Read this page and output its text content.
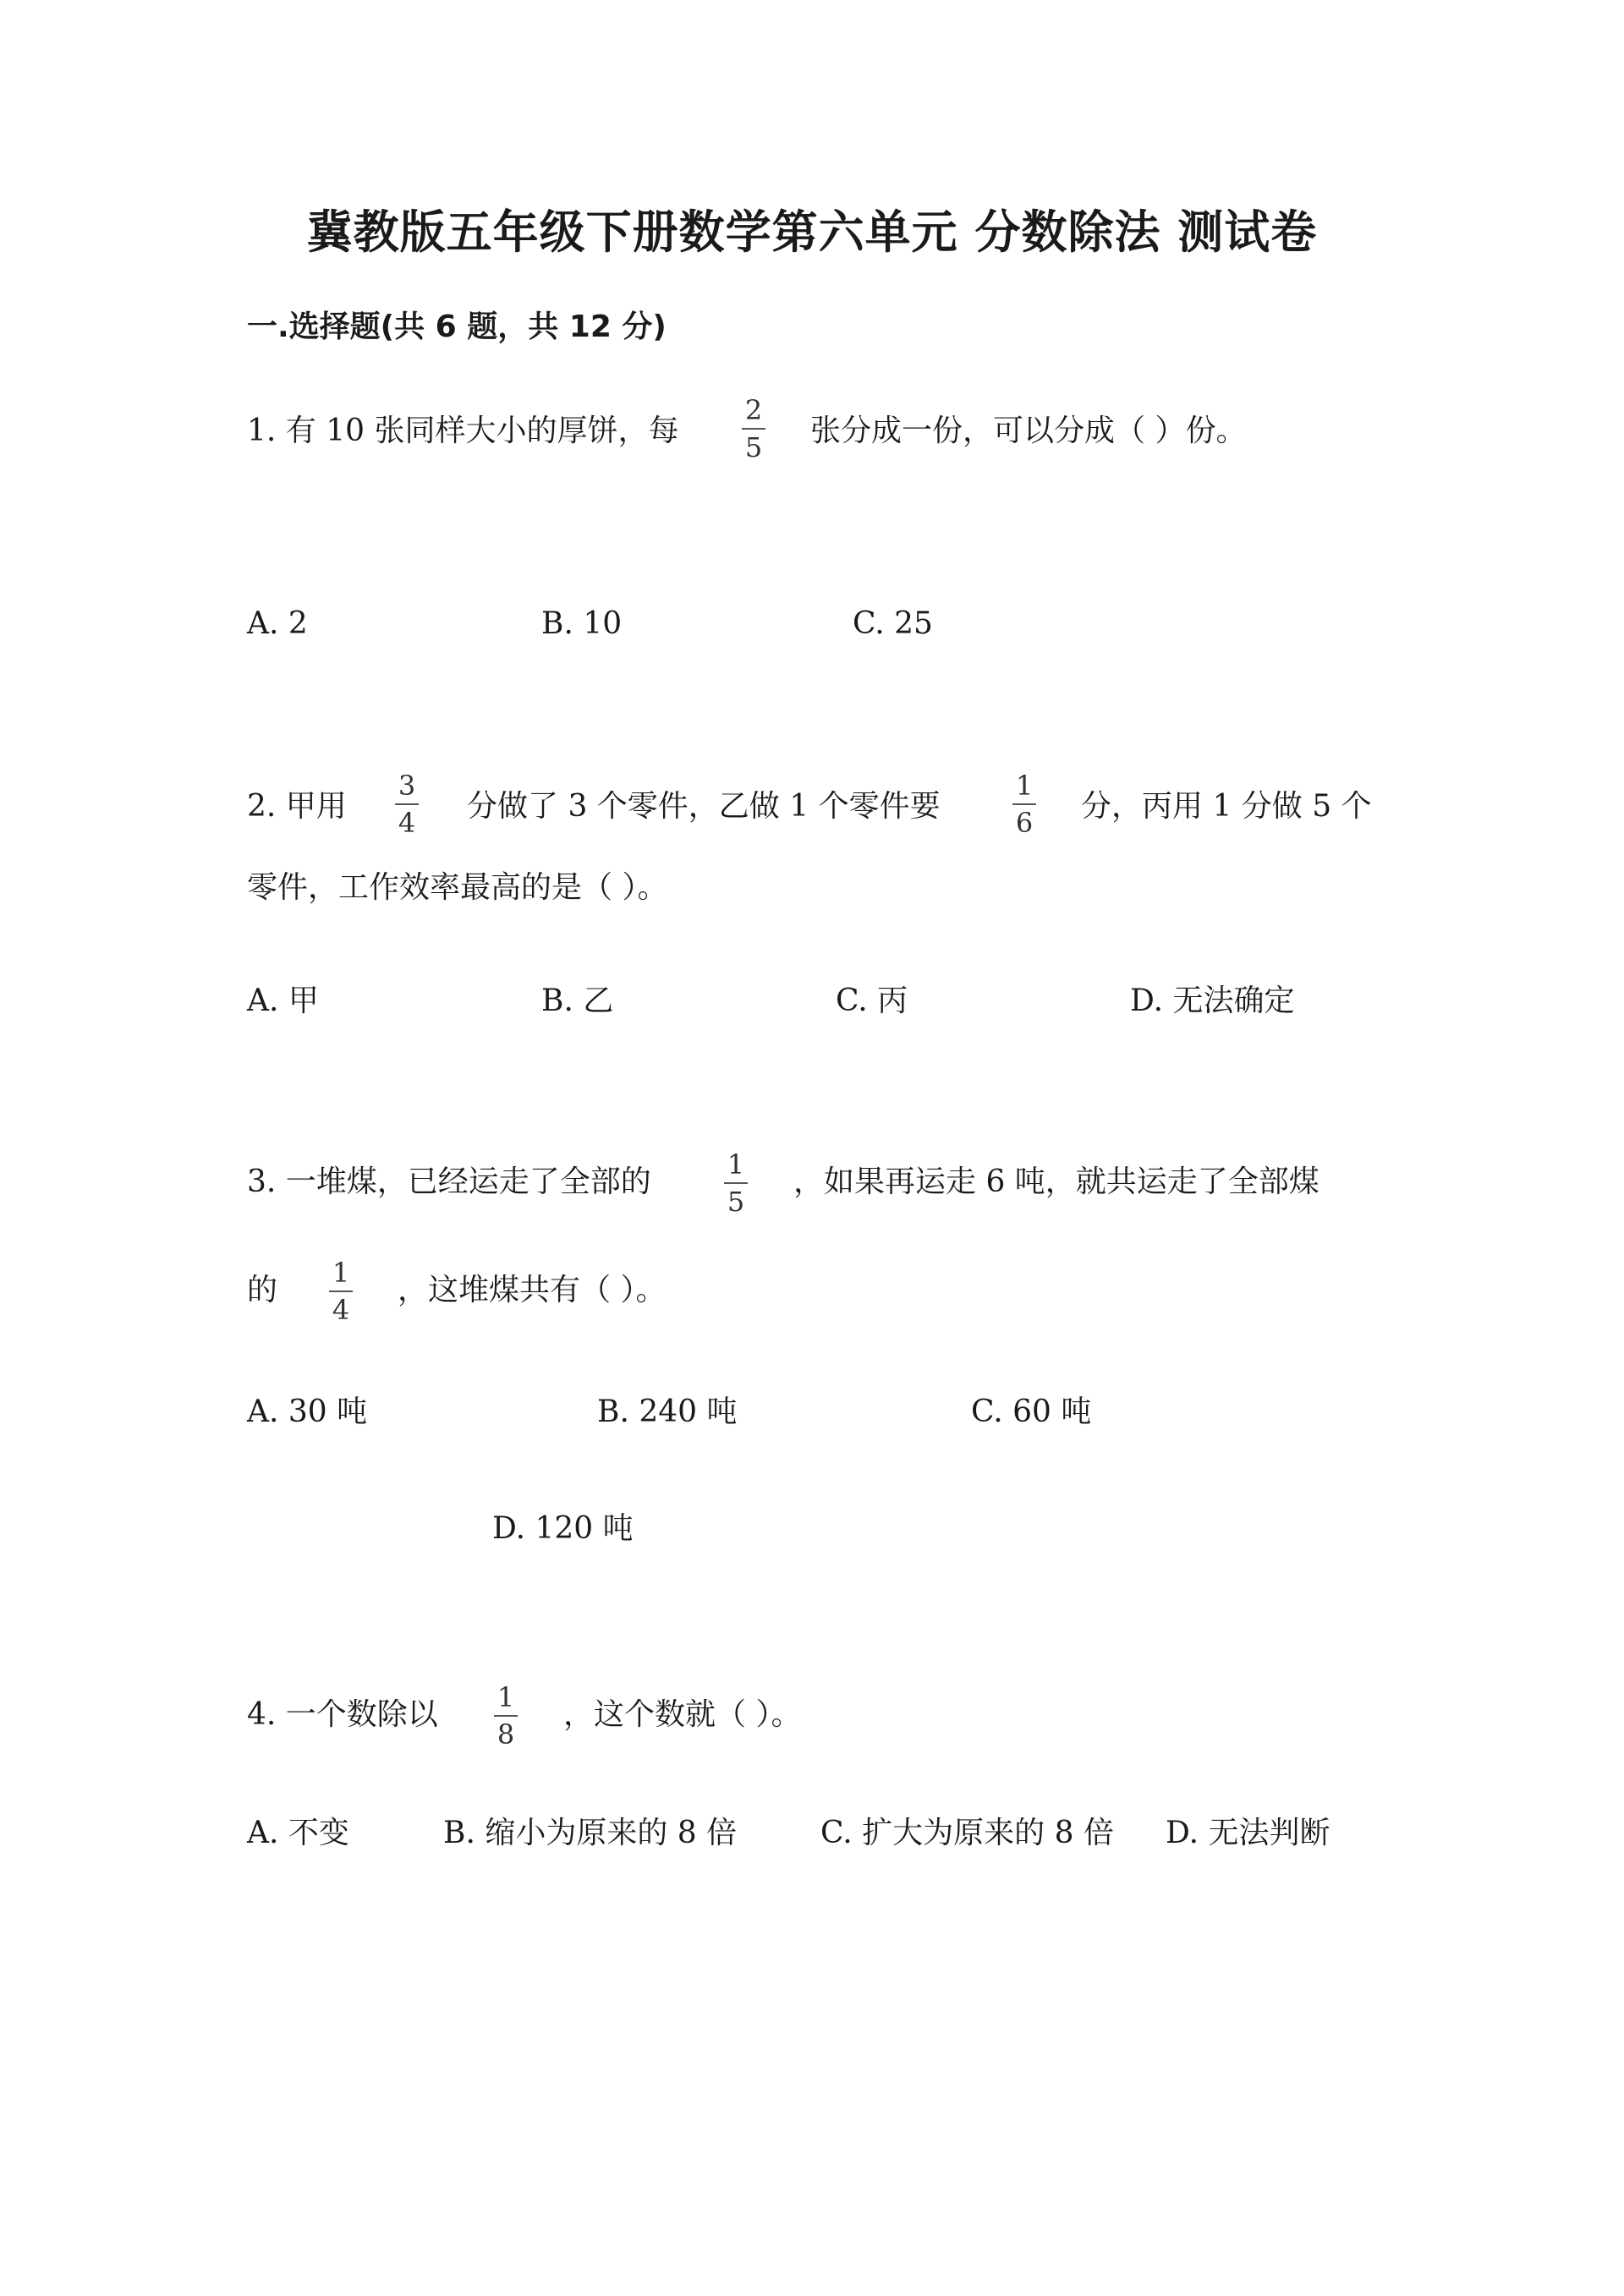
冀教版五年级下册数学第六单元 分数除法 测试卷
一.选择题(共 6 题，共 12 分)
1. 有 10 张同样大小的厚饼，每
2
5 张分成一份，可以分成（ ）份。
A. 2	B. 10	C. 25
2. 甲用
3
4 分做了 3 个零件，乙做 1 个零件要
1
6 分，丙用 1 分做 5 个
零件，工作效率最高的是（ ）。
A. 甲	B. 乙	C. 丙	D. 无法确定
3. 一堆煤，已经运走了全部的	1
5
，如果再运走 6 吨，就共运走了全部煤
的	1
4
，这堆煤共有（ ）。
A. 30 吨	B. 240 吨	C. 60 吨
D. 120 吨
4. 一个数除以	1
8
，这个数就（ ）。
A. 不变	B. 缩小为原来的 8 倍	C. 扩大为原来的 8 倍 D. 无法判断
